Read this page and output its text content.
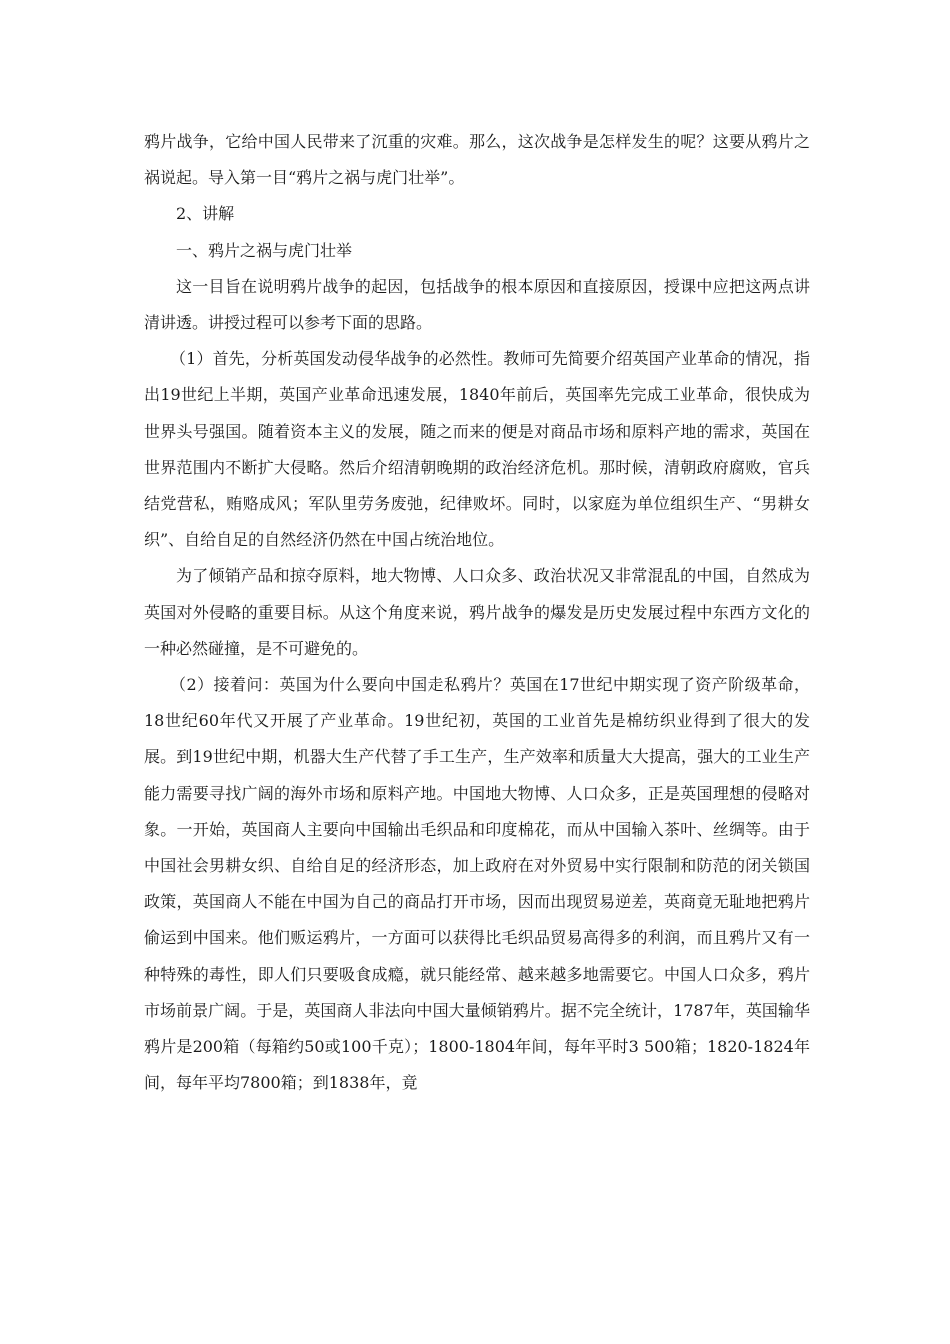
鸦片战争，它给中国人民带来了沉重的灾难。那么，这次战争是怎样发生的呢？这要从鸦片之祸说起。导入第一目“鸦片之祸与虎门壮举”。

2、讲解

一、鸦片之祸与虎门壮举

这一目旨在说明鸦片战争的起因，包括战争的根本原因和直接原因，授课中应把这两点讲清讲透。讲授过程可以参考下面的思路。

（1）首先，分析英国发动侵华战争的必然性。教师可先简要介绍英国产业革命的情况，指出19世纪上半期，英国产业革命迅速发展，1840年前后，英国率先完成工业革命，很快成为世界头号强国。随着资本主义的发展，随之而来的便是对商品市场和原料产地的需求，英国在世界范围内不断扩大侵略。然后介绍清朝晚期的政治经济危机。那时候，清朝政府腐败，官兵结党营私，贿赂成风；军队里劳务废弛，纪律败坏。同时，以家庭为单位组织生产、“男耕女织”、自给自足的自然经济仍然在中国占统治地位。

为了倾销产品和掠夺原料，地大物博、人口众多、政治状况又非常混乱的中国，自然成为英国对外侵略的重要目标。从这个角度来说，鸦片战争的爆发是历史发展过程中东西方文化的一种必然碰撞，是不可避免的。

（2）接着问：英国为什么要向中国走私鸦片？英国在17世纪中期实现了资产阶级革命，18世纪60年代又开展了产业革命。19世纪初，英国的工业首先是棉纺织业得到了很大的发展。到19世纪中期，机器大生产代替了手工生产，生产效率和质量大大提高，强大的工业生产能力需要寻找广阔的海外市场和原料产地。中国地大物博、人口众多，正是英国理想的侵略对象。一开始，英国商人主要向中国输出毛织品和印度棉花，而从中国输入茶叶、丝绸等。由于中国社会男耕女织、自给自足的经济形态，加上政府在对外贸易中实行限制和防范的闭关锁国政策，英国商人不能在中国为自己的商品打开市场，因而出现贸易逆差，英商竟无耻地把鸦片偷运到中国来。他们贩运鸦片，一方面可以获得比毛织品贸易高得多的利润，而且鸦片又有一种特殊的毒性，即人们只要吸食成瘾，就只能经常、越来越多地需要它。中国人口众多，鸦片市场前景广阔。于是，英国商人非法向中国大量倾销鸦片。据不完全统计，1787年，英国输华鸦片是200箱（每箱约50或100千克）；1800-1804年间，每年平时3 500箱；1820-1824年间，每年平均7800箱；到1838年，竟
